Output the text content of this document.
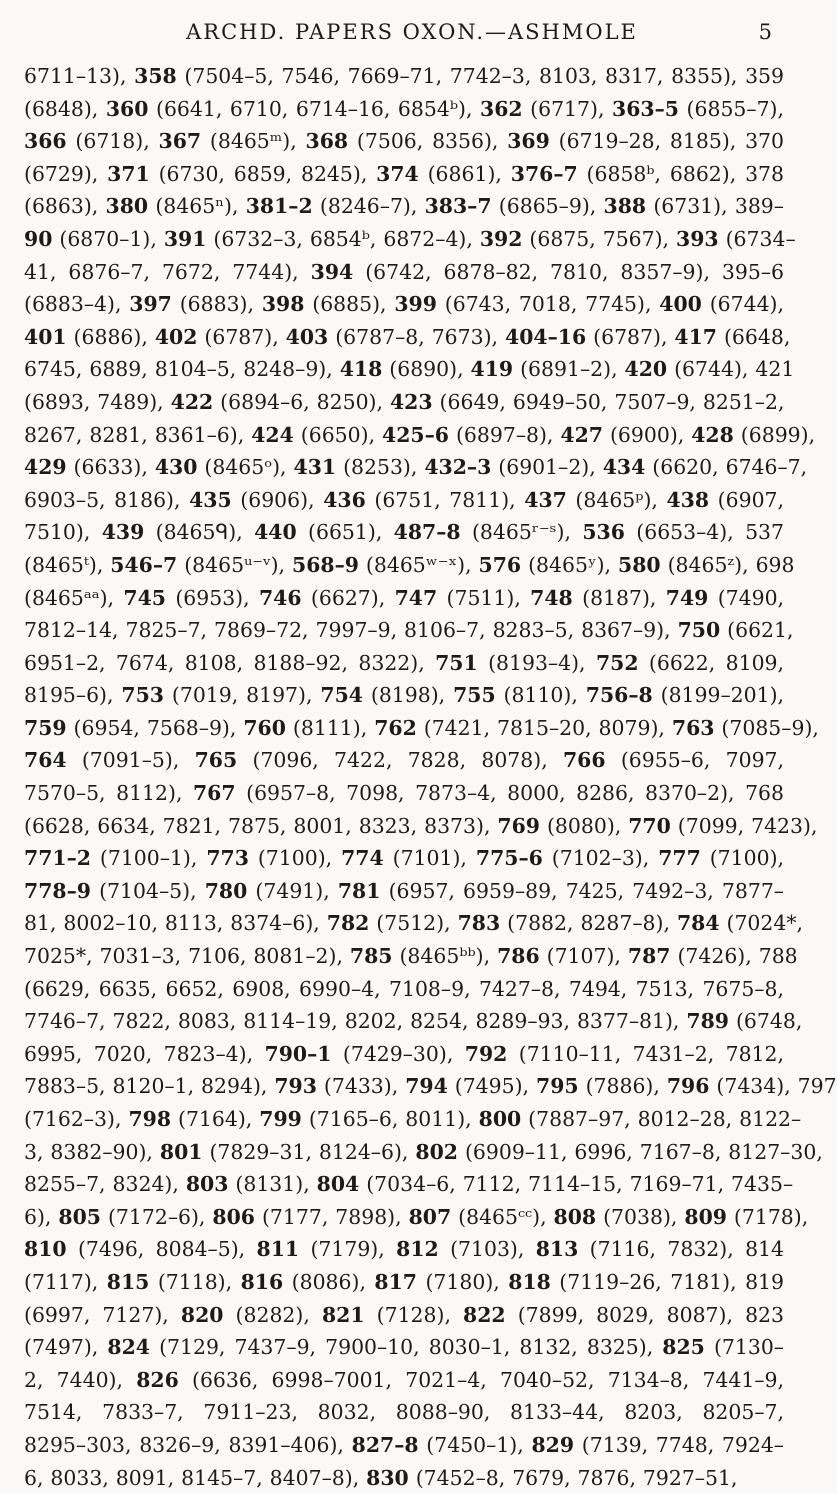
ARCHD. PAPERS OXON.—ASHMOLE	5
6711–13), 358 (7504–5, 7546, 7669–71, 7742–3, 8103, 8317, 8355), 359
(6848), 360 (6641, 6710, 6714–16, 6854ᵇ), 362 (6717), 363–5 (6855–7),
366 (6718), 367 (8465ᵐ), 368 (7506, 8356), 369 (6719–28, 8185), 370
(6729), 371 (6730, 6859, 8245), 374 (6861), 376–7 (6858ᵇ, 6862), 378
(6863), 380 (8465ⁿ), 381–2 (8246–7), 383–7 (6865–9), 388 (6731), 389–
90 (6870–1), 391 (6732–3, 6854ᵇ, 6872–4), 392 (6875, 7567), 393 (6734–
41, 6876–7, 7672, 7744), 394 (6742, 6878–82, 7810, 8357–9), 395–6
(6883–4), 397 (6883), 398 (6885), 399 (6743, 7018, 7745), 400 (6744),
401 (6886), 402 (6787), 403 (6787–8, 7673), 404–16 (6787), 417 (6648,
6745, 6889, 8104–5, 8248–9), 418 (6890), 419 (6891–2), 420 (6744), 421
(6893, 7489), 422 (6894–6, 8250), 423 (6649, 6949–50, 7507–9, 8251–2,
8267, 8281, 8361–6), 424 (6650), 425–6 (6897–8), 427 (6900), 428 (6899),
429 (6633), 430 (8465ᵒ), 431 (8253), 432–3 (6901–2), 434 (6620, 6746–7,
6903–5, 8186), 435 (6906), 436 (6751, 7811), 437 (8465ᵖ), 438 (6907,
7510), 439 (8465ᑫ), 440 (6651), 487–8 (8465ʳ⁻ˢ), 536 (6653–4), 537
(8465ᵗ), 546–7 (8465ᵘ⁻ᵛ), 568–9 (8465ʷ⁻ˣ), 576 (8465ʸ), 580 (8465ᶻ), 698
(8465ᵃᵃ), 745 (6953), 746 (6627), 747 (7511), 748 (8187), 749 (7490,
7812–14, 7825–7, 7869–72, 7997–9, 8106–7, 8283–5, 8367–9), 750 (6621,
6951–2, 7674, 8108, 8188–92, 8322), 751 (8193–4), 752 (6622, 8109,
8195–6), 753 (7019, 8197), 754 (8198), 755 (8110), 756–8 (8199–201),
759 (6954, 7568–9), 760 (8111), 762 (7421, 7815–20, 8079), 763 (7085–9),
764 (7091–5), 765 (7096, 7422, 7828, 8078), 766 (6955–6, 7097,
7570–5, 8112), 767 (6957–8, 7098, 7873–4, 8000, 8286, 8370–2), 768
(6628, 6634, 7821, 7875, 8001, 8323, 8373), 769 (8080), 770 (7099, 7423),
771–2 (7100–1), 773 (7100), 774 (7101), 775–6 (7102–3), 777 (7100),
778–9 (7104–5), 780 (7491), 781 (6957, 6959–89, 7425, 7492–3, 7877–
81, 8002–10, 8113, 8374–6), 782 (7512), 783 (7882, 8287–8), 784 (7024*,
7025*, 7031–3, 7106, 8081–2), 785 (8465ᵇᵇ), 786 (7107), 787 (7426), 788
(6629, 6635, 6652, 6908, 6990–4, 7108–9, 7427–8, 7494, 7513, 7675–8,
7746–7, 7822, 8083, 8114–19, 8202, 8254, 8289–93, 8377–81), 789 (6748,
6995, 7020, 7823–4), 790–1 (7429–30), 792 (7110–11, 7431–2, 7812,
7883–5, 8120–1, 8294), 793 (7433), 794 (7495), 795 (7886), 796 (7434), 797
(7162–3), 798 (7164), 799 (7165–6, 8011), 800 (7887–97, 8012–28, 8122–
3, 8382–90), 801 (7829–31, 8124–6), 802 (6909–11, 6996, 7167–8, 8127–30,
8255–7, 8324), 803 (8131), 804 (7034–6, 7112, 7114–15, 7169–71, 7435–
6), 805 (7172–6), 806 (7177, 7898), 807 (8465ᶜᶜ), 808 (7038), 809 (7178),
810 (7496, 8084–5), 811 (7179), 812 (7103), 813 (7116, 7832), 814
(7117), 815 (7118), 816 (8086), 817 (7180), 818 (7119–26, 7181), 819
(6997, 7127), 820 (8282), 821 (7128), 822 (7899, 8029, 8087), 823
(7497), 824 (7129, 7437–9, 7900–10, 8030–1, 8132, 8325), 825 (7130–
2, 7440), 826 (6636, 6998–7001, 7021–4, 7040–52, 7134–8, 7441–9,
7514, 7833–7, 7911–23, 8032, 8088–90, 8133–44, 8203, 8205–7,
8295–303, 8326–9, 8391–406), 827–8 (7450–1), 829 (7139, 7748, 7924–
6, 8033, 8091, 8145–7, 8407–8), 830 (7452–8, 7679, 7876, 7927–51,
